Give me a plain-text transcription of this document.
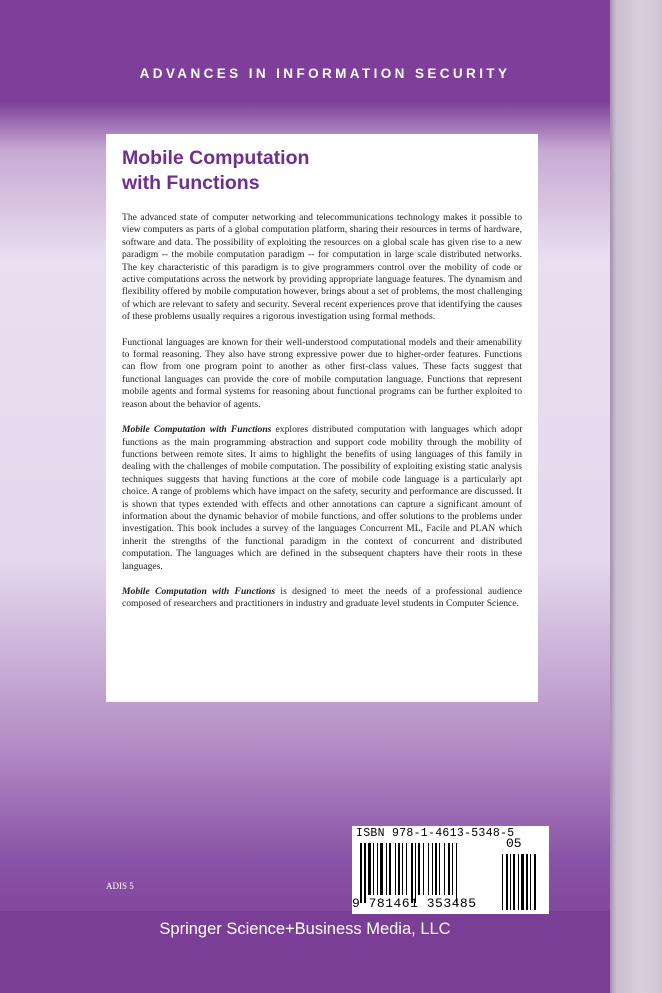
ADVANCES IN INFORMATION SECURITY
Mobile Computation
with Functions

The advanced state of computer networking and telecommunications technology makes it possible to view computers as parts of a global computation platform, sharing their resources in terms of hardware, software and data. The possibility of exploiting the resources on a global scale has given rise to a new paradigm -- the mobile computation paradigm -- for computation in large scale distributed networks. The key characteristic of this paradigm is to give programmers control over the mobility of code or active computations across the network by providing appropriate language features. The dynamism and flexibility offered by mobile computation however, brings about a set of problems, the most challenging of which are relevant to safety and security. Several recent experiences prove that identifying the causes of these problems usually requires a rigorous investigation using formal methods.

Functional languages are known for their well-understood computational models and their amenability to formal reasoning. They also have strong expressive power due to higher-order features. Functions can flow from one program point to another as other first-class values. These facts suggest that functional languages can provide the core of mobile computation language. Functions that represent mobile agents and formal systems for reasoning about functional programs can be further exploited to reason about the behavior of agents.

Mobile Computation with Functions explores distributed computation with languages which adopt functions as the main programming abstraction and support code mobility through the mobility of functions between remote sites. It aims to highlight the benefits of using languages of this family in dealing with the challenges of mobile computation. The possibility of exploiting existing static analysis techniques suggests that having functions at the core of mobile code language is a particularly apt choice. A range of problems which have impact on the safety, security and performance are discussed. It is shown that types extended with effects and other annotations can capture a significant amount of information about the dynamic behavior of mobile functions, and offer solutions to the problems under investigation. This book includes a survey of the languages Concurrent ML, Facile and PLAN which inherit the strengths of the functional paradigm in the context of concurrent and distributed computation. The languages which are defined in the subsequent chapters have their roots in these languages.

Mobile Computation with Functions is designed to meet the needs of a professional audience composed of researchers and practitioners in industry and graduate level students in Computer Science.

ADIS 5
ISBN 978-1-4613-5348-5
9 781461 353485
05
Springer Science+Business Media, LLC
